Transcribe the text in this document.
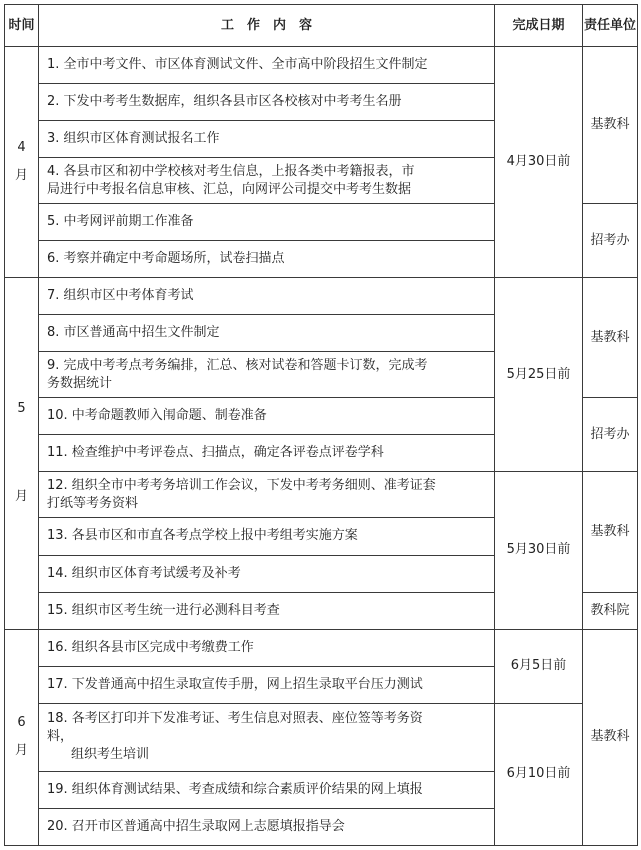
时间	工　作　内　容	完成日期	责任单位

4
月	1. 全市中考文件、市区体育测试文件、全市高中阶段招生文件制定	4月30日前	基教科

	2. 下发中考考生数据库，组织各县市区各校核对中考考生名册		

	3. 组织市区体育测试报名工作		

	4. 各县市区和初中学校核对考生信息，上报各类中考籍报表，市
局进行中考报名信息审核、汇总，向网评公司提交中考考生数据		

	5. 中考网评前期工作准备		招考办

	6. 考察并确定中考命题场所，试卷扫描点		

5
月	7. 组织市区中考体育考试	5月25日前	基教科

	8. 市区普通高中招生文件制定		

	9. 完成中考考点考务编排，汇总、核对试卷和答题卡订数，完成考
务数据统计		

	10. 中考命题教师入闱命题、制卷准备		招考办

	11. 检查维护中考评卷点、扫描点，确定各评卷点评卷学科		

	12. 组织全市中考考务培训工作会议，下发中考考务细则、准考证套
打纸等考务资料	5月30日前	基教科

	13. 各县市区和市直各考点学校上报中考组考实施方案		

	14. 组织市区体育考试缓考及补考		

	15. 组织市区考生统一进行必测科目考查		教科院

6
月	16. 组织各县市区完成中考缴费工作	6月5日前	基教科

	17. 下发普通高中招生录取宣传手册，网上招生录取平台压力测试		

	18. 各考区打印并下发准考证、考生信息对照表、座位签等考务资
料，
组织考生培训	6月10日前	

	19. 组织体育测试结果、考查成绩和综合素质评价结果的网上填报		

	20. 召开市区普通高中招生录取网上志愿填报指导会		
